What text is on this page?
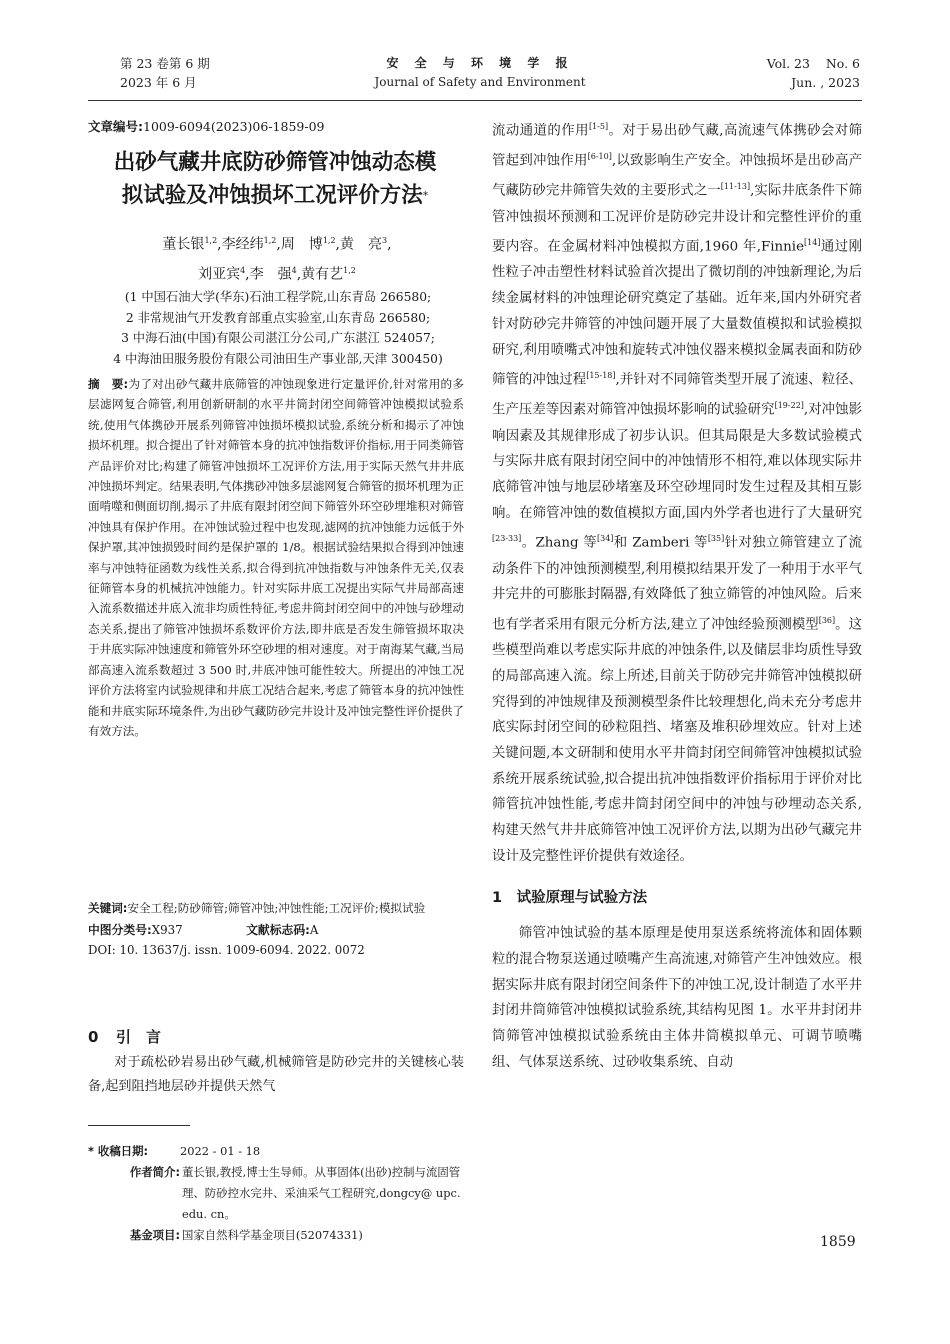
第 23 卷第 6 期
2023 年 6 月
安 全 与 环 境 学 报
Journal of Safety and Environment
Vol. 23    No. 6
Jun. , 2023
文章编号:1009-6094(2023)06-1859-09
出砂气藏井底防砂筛管冲蚀动态模
拟试验及冲蚀损坏工况评价方法*
董长银$^{1,2}$,李经纬$^{1,2}$,周　博$^{1,2}$,黄　亮$^3$,
刘亚宾$^4$,李　强$^4$,黄有艺$^{1,2}$
(1 中国石油大学(华东)石油工程学院,山东青岛 266580;
2 非常规油气开发教育部重点实验室,山东青岛 266580;
3 中海石油(中国)有限公司湛江分公司,广东湛江 524057;
4 中海油田服务股份有限公司油田生产事业部,天津 300450)
摘　要:为了对出砂气藏井底筛管的冲蚀现象进行定量评价,针对常用的多层滤网复合筛管,利用创新研制的水平井筒封闭空间筛管冲蚀模拟试验系统,使用气体携砂开展系列筛管冲蚀损坏模拟试验,系统分析和揭示了冲蚀损坏机理。拟合提出了针对筛管本身的抗冲蚀指数评价指标,用于同类筛管产品评价对比;构建了筛管冲蚀损坏工况评价方法,用于实际天然气井井底冲蚀损坏判定。结果表明,气体携砂冲蚀多层滤网复合筛管的损坏机理为正面啃噬和侧面切削,揭示了井底有限封闭空间下筛管外环空砂埋堆积对筛管冲蚀具有保护作用。在冲蚀试验过程中也发现,滤网的抗冲蚀能力远低于外保护罩,其冲蚀损毁时间约是保护罩的 1/8。根据试验结果拟合得到冲蚀速率与冲蚀特征函数为线性关系,拟合得到抗冲蚀指数与冲蚀条件无关,仅表征筛管本身的机械抗冲蚀能力。针对实际井底工况提出实际气井局部高速入流系数描述井底入流非均质性特征,考虑井筒封闭空间中的冲蚀与砂埋动态关系,提出了筛管冲蚀损坏系数评价方法,即井底是否发生筛管损坏取决于井底实际冲蚀速度和筛管外环空砂埋的相对速度。对于南海某气藏,当局部高速入流系数超过 3 500 时,井底冲蚀可能性较大。所提出的冲蚀工况评价方法将室内试验规律和井底工况结合起来,考虑了筛管本身的抗冲蚀性能和井底实际环境条件,为出砂气藏防砂完井设计及冲蚀完整性评价提供了有效方法。
关键词: 安全工程;防砂筛管;筛管冲蚀;冲蚀性能;工况评价;模拟试验
中图分类号:X937	文献标志码:A
DOI: 10. 13637/j. issn. 1009-6094. 2022. 0072
0 引　言

对于疏松砂岩易出砂气藏,机械筛管是防砂完井的关键核心装备,起到阻挡地层砂并提供天然气

* 收稿日期:	2022 - 01 - 18
作者简介: 董长银,教授,博士生导师。从事固体(出砂)控制与流固管理、防砂控水完井、采油采气工程研究,dongcy@ upc. edu. cn。
基金项目: 国家自然科学基金项目(52074331)

流动通道的作用[1-5]。对于易出砂气藏,高流速气体携砂会对筛管起到冲蚀作用[6-10],以致影响生产安全。冲蚀损坏是出砂高产气藏防砂完井筛管失效的主要形式之一[11-13],实际井底条件下筛管冲蚀损坏预测和工况评价是防砂完井设计和完整性评价的重要内容。在金属材料冲蚀模拟方面,1960 年,Finnie[14]通过刚性粒子冲击塑性材料试验首次提出了微切削的冲蚀新理论,为后续金属材料的冲蚀理论研究奠定了基础。近年来,国内外研究者针对防砂完井筛管的冲蚀问题开展了大量数值模拟和试验模拟研究,利用喷嘴式冲蚀和旋转式冲蚀仪器来模拟金属表面和防砂筛管的冲蚀过程[15-18],并针对不同筛管类型开展了流速、粒径、生产压差等因素对筛管冲蚀损坏影响的试验研究[19-22],对冲蚀影响因素及其规律形成了初步认识。但其局限是大多数试验模式与实际井底有限封闭空间中的冲蚀情形不相符,难以体现实际井底筛管冲蚀与地层砂堵塞及环空砂埋同时发生过程及其相互影响。在筛管冲蚀的数值模拟方面,国内外学者也进行了大量研究[23-33]。Zhang 等[34]和 Zamberi 等[35]针对独立筛管建立了流动条件下的冲蚀预测模型,利用模拟结果开发了一种用于水平气井完井的可膨胀封隔器,有效降低了独立筛管的冲蚀风险。后来也有学者采用有限元分析方法,建立了冲蚀经验预测模型[36]。这些模型尚难以考虑实际井底的冲蚀条件,以及储层非均质性导致的局部高速入流。综上所述,目前关于防砂完井筛管冲蚀模拟研究得到的冲蚀规律及预测模型条件比较理想化,尚未充分考虑井底实际封闭空间的砂粒阻挡、堵塞及堆积砂埋效应。针对上述关键问题,本文研制和使用水平井筒封闭空间筛管冲蚀模拟试验系统开展系统试验,拟合提出抗冲蚀指数评价指标用于评价对比筛管抗冲蚀性能,考虑井筒封闭空间中的冲蚀与砂埋动态关系,构建天然气井井底筛管冲蚀工况评价方法,以期为出砂气藏完井设计及完整性评价提供有效途径。

1　试验原理与试验方法

筛管冲蚀试验的基本原理是使用泵送系统将流体和固体颗粒的混合物泵送通过喷嘴产生高流速,对筛管产生冲蚀效应。根据实际井底有限封闭空间条件下的冲蚀工况,设计制造了水平井封闭井筒筛管冲蚀模拟试验系统,其结构见图 1。水平井封闭井筒筛管冲蚀模拟试验系统由主体井筒模拟单元、可调节喷嘴组、气体泵送系统、过砂收集系统、自动

1859
